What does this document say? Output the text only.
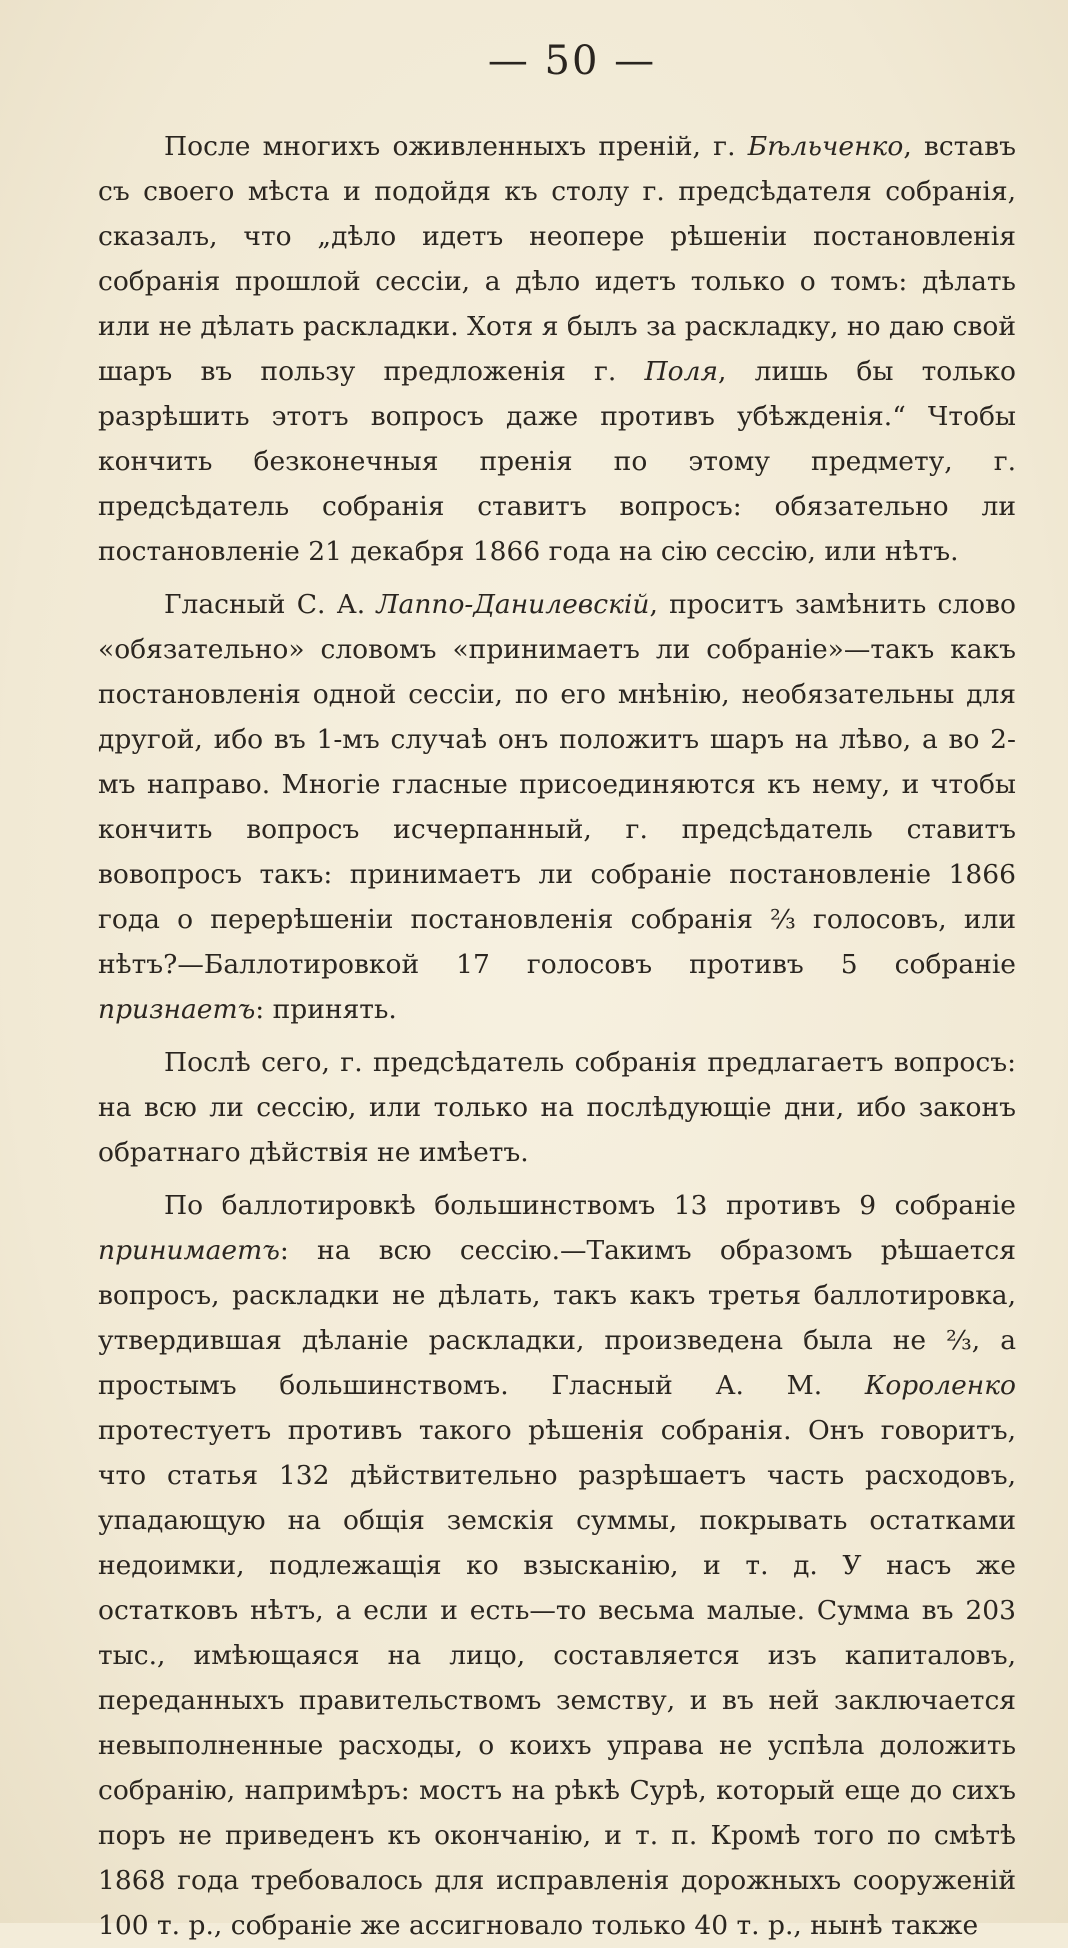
— 50 —

После многихъ оживленныхъ преній, г. Бѣльченко, вставъ съ своего мѣста и подойдя къ столу г. предсѣдателя собранія, сказалъ, что „дѣло идетъ неопере рѣшеніи постановленія собранія прошлой сессіи, а дѣло идетъ только о томъ: дѣлать или не дѣлать раскладки. Хотя я былъ за раскладку, но даю свой шаръ въ пользу предложенія г. Поля, лишь бы только разрѣшить этотъ вопросъ даже противъ убѣжденія.“ Чтобы кончить безконечныя пренія по этому предмету, г. предсѣдатель собранія ставитъ вопросъ: обязательно ли постановленіе 21 декабря 1866 года на сію сессію, или нѣтъ.

Гласный С. А. Лаппо-Данилевскій, проситъ замѣнить слово «обязательно» словомъ «принимаетъ ли собраніе»—такъ какъ постановленія одной сессіи, по его мнѣнію, необязательны для другой, ибо въ 1-мъ случаѣ онъ положитъ шаръ на лѣво, а во 2-мъ направо. Многіе гласные присоединяются къ нему, и чтобы кончить вопросъ исчерпанный, г. предсѣдатель ставитъ вовопросъ такъ: принимаетъ ли собраніе постановленіе 1866 года о перерѣшеніи постановленія собранія ⅔ голосовъ, или нѣтъ?—Баллотировкой 17 голосовъ противъ 5 собраніе признаетъ: принять.

Послѣ сего, г. предсѣдатель собранія предлагаетъ вопросъ: на всю ли сессію, или только на послѣдующіе дни, ибо законъ обратнаго дѣйствія не имѣетъ.

По баллотировкѣ большинствомъ 13 противъ 9 собраніе принимаетъ: на всю сессію.—Такимъ образомъ рѣшается вопросъ, раскладки не дѣлать, такъ какъ третья баллотировка, утвердившая дѣланіе раскладки, произведена была не ⅔, а простымъ большинствомъ. Гласный А. М. Короленко протестуетъ противъ такого рѣшенія собранія. Онъ говоритъ, что статья 132 дѣйствительно разрѣшаетъ часть расходовъ, упадающую на общія земскія суммы, покрывать остатками недоимки, подлежащія ко взысканію, и т. д. У насъ же остатковъ нѣтъ, а если и есть—то весьма малые. Сумма въ 203 тыс., имѣющаяся на лицо, составляется изъ капиталовъ, переданныхъ правительствомъ земству, и въ ней заключается невыполненные расходы, о коихъ управа не успѣла доложить собранію, напримѣръ: мостъ на рѣкѣ Сурѣ, который еще до сихъ поръ не приведенъ къ окончанію, и т. п. Кромѣ того по смѣтѣ 1868 года требовалось для исправленія дорожныхъ сооруженій 100 т. р., собраніе же ассигновало только 40 т. р., нынѣ также
